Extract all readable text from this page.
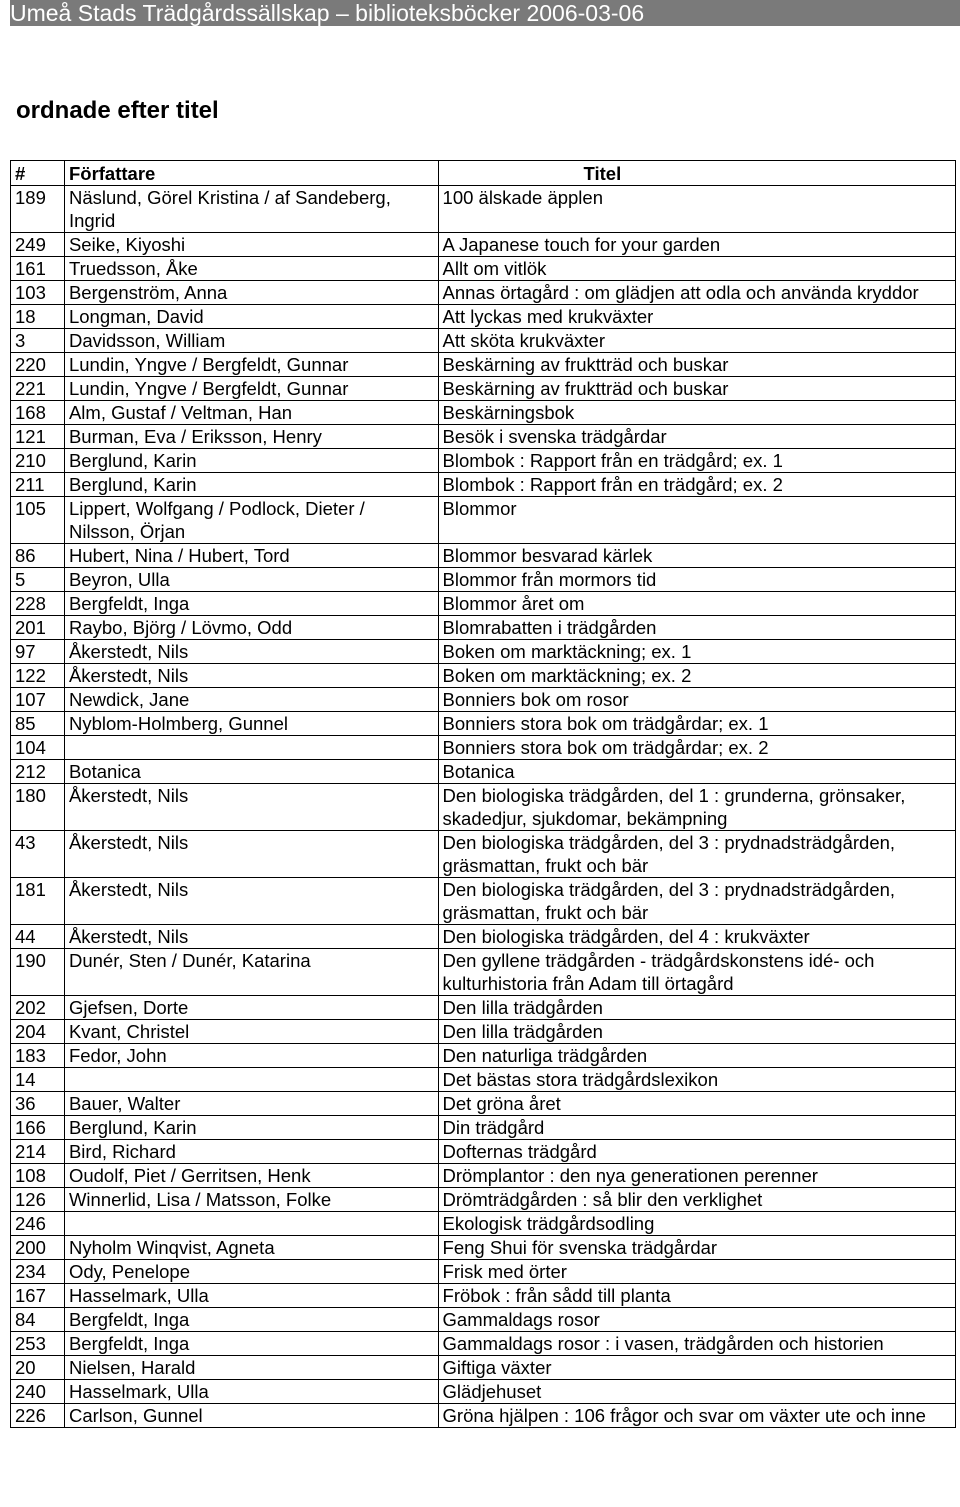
Umeå Stads Trädgårdssällskap – biblioteksböcker 2006-03-06
ordnade efter titel
#	Författare	Titel
189	Näslund, Görel Kristina / af Sandeberg, Ingrid	100 älskade äpplen
249	Seike, Kiyoshi	A Japanese touch for your garden
161	Truedsson, Åke	Allt om vitlök
103	Bergenström, Anna	Annas örtagård : om glädjen att odla och använda kryddor
18	Longman, David	Att lyckas med krukväxter
3	Davidsson, William	Att sköta krukväxter
220	Lundin, Yngve / Bergfeldt, Gunnar	Beskärning av fruktträd och buskar
221	Lundin, Yngve / Bergfeldt, Gunnar	Beskärning av fruktträd och buskar
168	Alm, Gustaf / Veltman, Han	Beskärningsbok
121	Burman, Eva / Eriksson, Henry	Besök i svenska trädgårdar
210	Berglund, Karin	Blombok : Rapport från en trädgård; ex. 1
211	Berglund, Karin	Blombok : Rapport från en trädgård; ex. 2
105	Lippert, Wolfgang / Podlock, Dieter / Nilsson, Örjan	Blommor
86	Hubert, Nina / Hubert, Tord	Blommor besvarad kärlek
5	Beyron, Ulla	Blommor från mormors tid
228	Bergfeldt, Inga	Blommor året om
201	Raybo, Björg / Lövmo, Odd	Blomrabatten i trädgården
97	Åkerstedt, Nils	Boken om marktäckning; ex. 1
122	Åkerstedt, Nils	Boken om marktäckning; ex. 2
107	Newdick, Jane	Bonniers bok om rosor
85	Nyblom-Holmberg, Gunnel	Bonniers stora bok om trädgårdar; ex. 1
104		Bonniers stora bok om trädgårdar; ex. 2
212	Botanica	Botanica
180	Åkerstedt, Nils	Den biologiska trädgården, del 1 : grunderna, grönsaker, skadedjur, sjukdomar, bekämpning
43	Åkerstedt, Nils	Den biologiska trädgården, del 3 : prydnadsträdgården, gräsmattan, frukt och bär
181	Åkerstedt, Nils	Den biologiska trädgården, del 3 : prydnadsträdgården, gräsmattan, frukt och bär
44	Åkerstedt, Nils	Den biologiska trädgården, del 4 : krukväxter
190	Dunér, Sten / Dunér, Katarina	Den gyllene trädgården - trädgårdskonstens idé- och kulturhistoria från Adam till örtagård
202	Gjefsen, Dorte	Den lilla trädgården
204	Kvant, Christel	Den lilla trädgården
183	Fedor, John	Den naturliga trädgården
14		Det bästas stora trädgårdslexikon
36	Bauer, Walter	Det gröna året
166	Berglund, Karin	Din trädgård
214	Bird, Richard	Dofternas trädgård
108	Oudolf, Piet / Gerritsen, Henk	Drömplantor : den nya generationen perenner
126	Winnerlid, Lisa / Matsson, Folke	Drömträdgården : så blir den verklighet
246		Ekologisk trädgårdsodling
200	Nyholm Winqvist, Agneta	Feng Shui för svenska trädgårdar
234	Ody, Penelope	Frisk med örter
167	Hasselmark, Ulla	Fröbok : från sådd till planta
84	Bergfeldt, Inga	Gammaldags rosor
253	Bergfeldt, Inga	Gammaldags rosor : i vasen, trädgården och historien
20	Nielsen, Harald	Giftiga växter
240	Hasselmark, Ulla	Glädjehuset
226	Carlson, Gunnel	Gröna hjälpen : 106 frågor och svar om växter ute och inne
